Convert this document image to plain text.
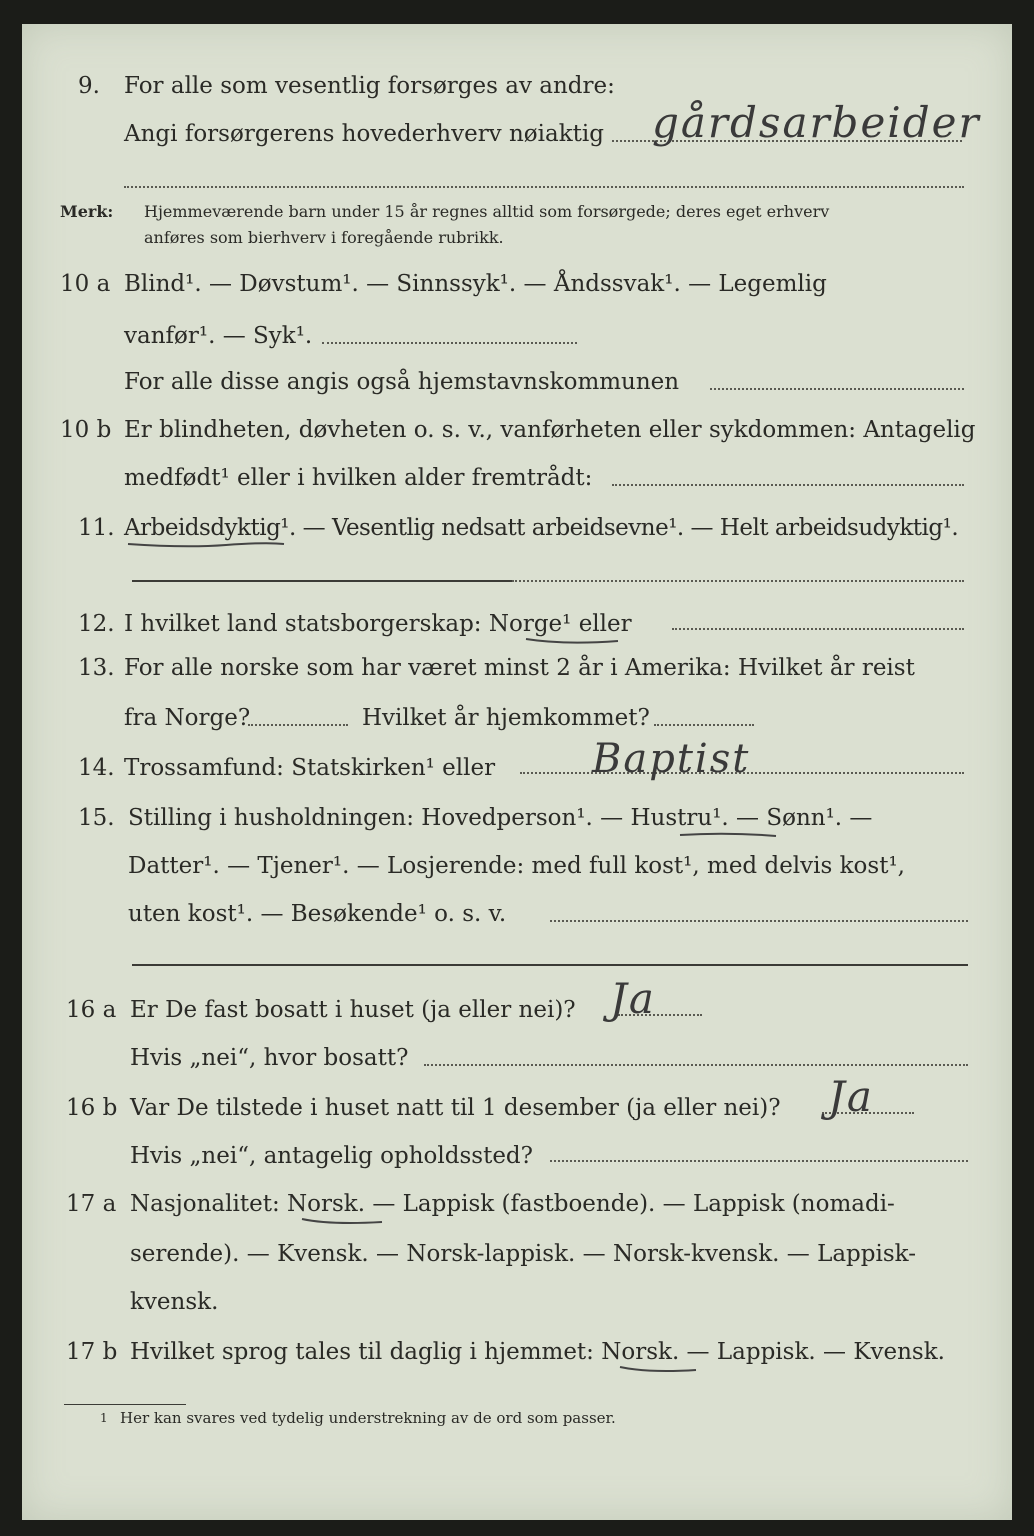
9. For alle som vesentlig forsørges av andre:
Angi forsørgerens hovederhverv nøiaktig gårdsarbeider
Merk: Hjemmeværende barn under 15 år regnes alltid som forsørgede; deres eget erhverv
anføres som bierhverv i foregående rubrikk.
10 a Blind¹. — Døvstum¹. — Sinnssyk¹. — Åndssvak¹. — Legemlig
vanfør¹. — Syk¹.
For alle disse angis også hjemstavnskommunen
10 b Er blindheten, døvheten o. s. v., vanførheten eller sykdommen: Antagelig
medfødt¹ eller i hvilken alder fremtrådt:
11. Arbeidsdyktig¹. — Vesentlig nedsatt arbeidsevne¹. — Helt arbeidsudyktig¹.
12. I hvilket land statsborgerskap: Norge¹ eller
13. For alle norske som har været minst 2 år i Amerika: Hvilket år reist
fra Norge?	Hvilket år hjemkommet?
14. Trossamfund: Statskirken¹ eller Baptist
15. Stilling i husholdningen: Hovedperson¹. — Hustru¹. — Sønn¹. —
Datter¹. — Tjener¹. — Losjerende: med full kost¹, med delvis kost¹,
uten kost¹. — Besøkende¹ o. s. v.
16 a Er De fast bosatt i huset (ja eller nei)? Ja
Hvis „nei“, hvor bosatt?
16 b Var De tilstede i huset natt til 1 desember (ja eller nei)? Ja
Hvis „nei“, antagelig opholdssted?
17 a Nasjonalitet: Norsk. — Lappisk (fastboende). — Lappisk (nomadi-
serende). — Kvensk. — Norsk-lappisk. — Norsk-kvensk. — Lappisk-
kvensk.
17 b Hvilket sprog tales til daglig i hjemmet: Norsk. — Lappisk. — Kvensk.
1 Her kan svares ved tydelig understrekning av de ord som passer.
